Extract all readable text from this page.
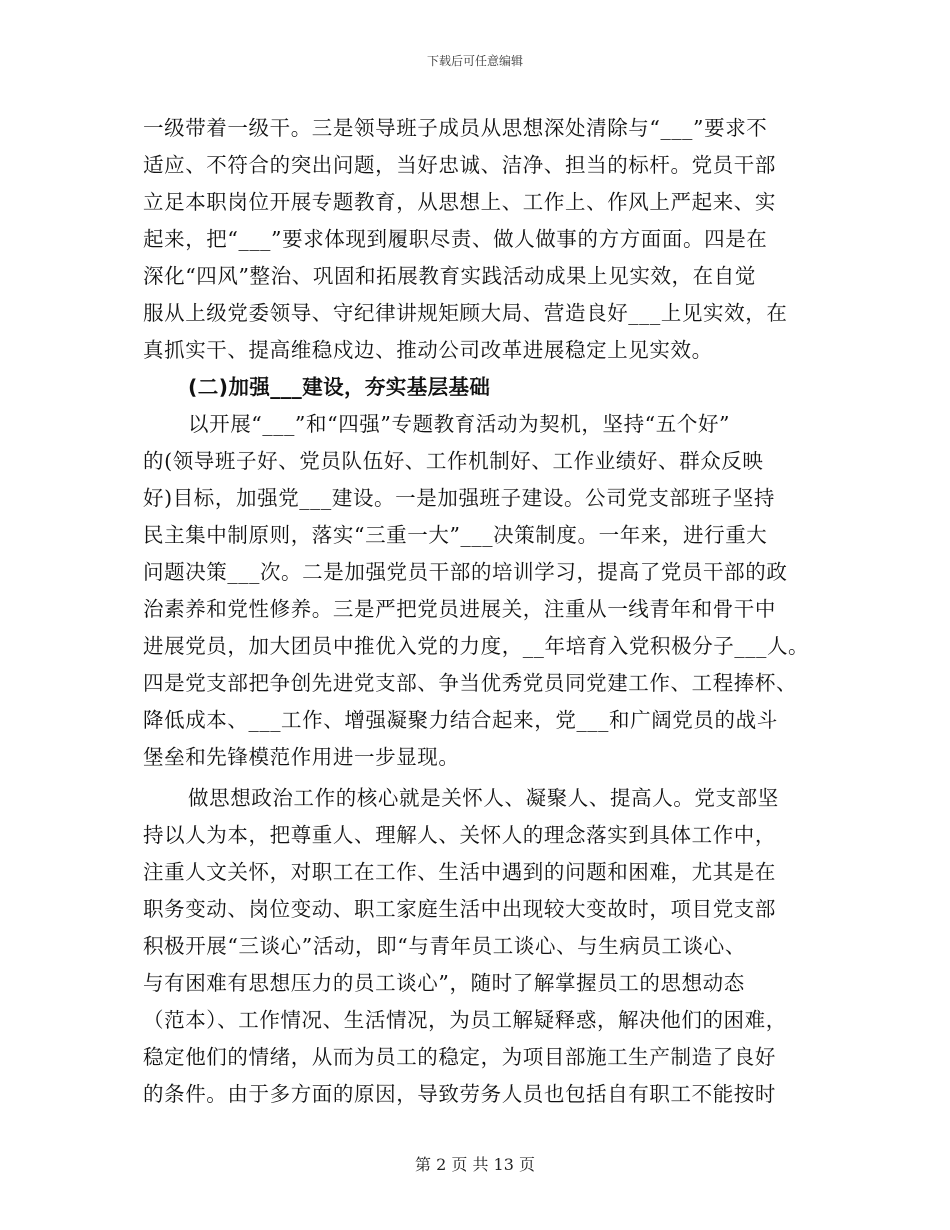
下载后可任意编辑
一级带着一级干。三是领导班子成员从思想深处清除与“___”要求不
适应、不符合的突出问题，当好忠诚、洁净、担当的标杆。党员干部
立足本职岗位开展专题教育，从思想上、工作上、作风上严起来、实
起来，把“___”要求体现到履职尽责、做人做事的方方面面。四是在
深化“四风”整治、巩固和拓展教育实践活动成果上见实效，在自觉
服从上级党委领导、守纪律讲规矩顾大局、营造良好___上见实效，在
真抓实干、提高维稳戍边、推动公司改革进展稳定上见实效。
(二)加强___建设，夯实基层基础
以开展“___”和“四强”专题教育活动为契机，坚持“五个好”
的(领导班子好、党员队伍好、工作机制好、工作业绩好、群众反映
好)目标，加强党___建设。一是加强班子建设。公司党支部班子坚持
民主集中制原则，落实“三重一大”___决策制度。一年来，进行重大
问题决策___次。二是加强党员干部的培训学习，提高了党员干部的政
治素养和党性修养。三是严把党员进展关，注重从一线青年和骨干中
进展党员，加大团员中推优入党的力度，__年培育入党积极分子___人。
四是党支部把争创先进党支部、争当优秀党员同党建工作、工程捧杯、
降低成本、___工作、增强凝聚力结合起来，党___和广阔党员的战斗
堡垒和先锋模范作用进一步显现。
做思想政治工作的核心就是关怀人、凝聚人、提高人。党支部坚
持以人为本，把尊重人、理解人、关怀人的理念落实到具体工作中，
注重人文关怀，对职工在工作、生活中遇到的问题和困难，尤其是在
职务变动、岗位变动、职工家庭生活中出现较大变故时，项目党支部
积极开展“三谈心”活动，即“与青年员工谈心、与生病员工谈心、
与有困难有思想压力的员工谈心”，随时了解掌握员工的思想动态
（范本）、工作情况、生活情况，为员工解疑释惑，解决他们的困难，
稳定他们的情绪，从而为员工的稳定，为项目部施工生产制造了良好
的条件。由于多方面的原因，导致劳务人员也包括自有职工不能按时
第 2 页 共 13 页
